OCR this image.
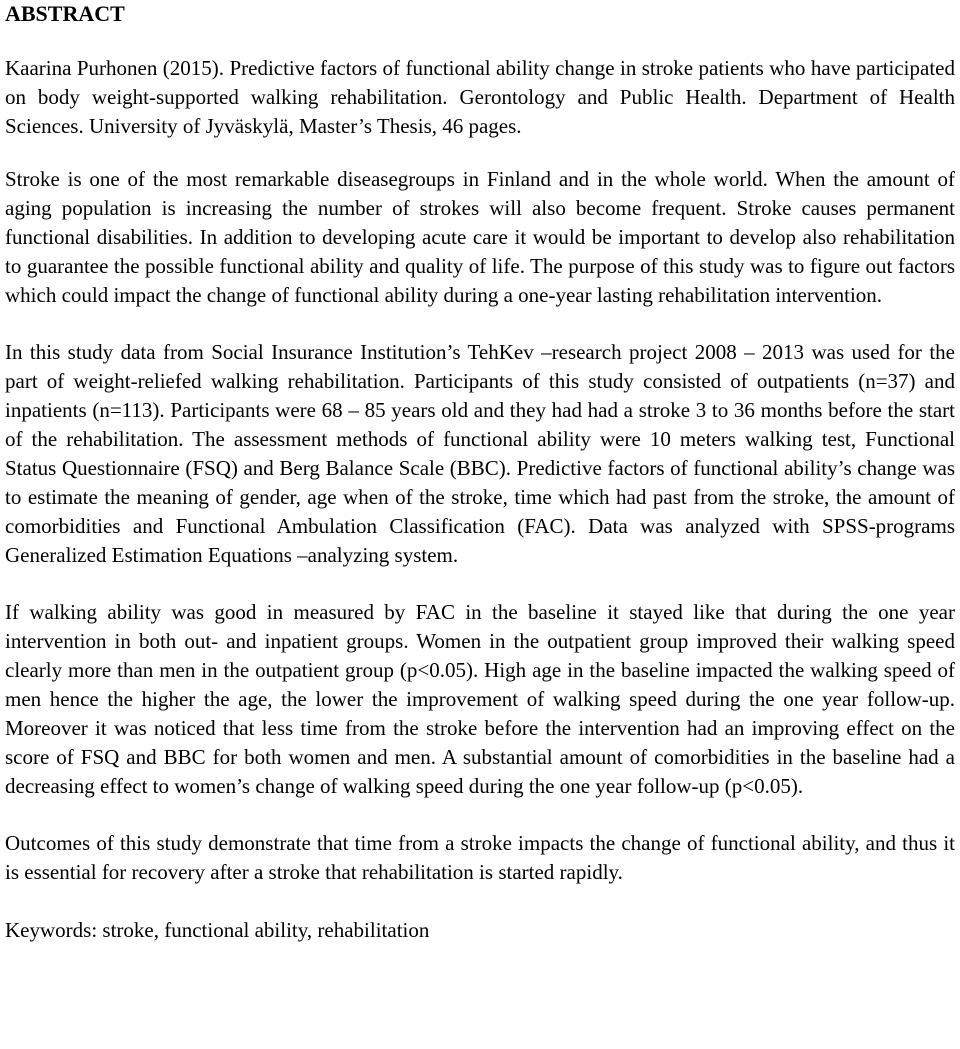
ABSTRACT

Kaarina Purhonen (2015). Predictive factors of functional ability change in stroke patients who have participated on body weight-supported walking rehabilitation. Gerontology and Public Health. Department of Health Sciences. University of Jyväskylä, Master’s Thesis, 46 pages.

Stroke is one of the most remarkable diseasegroups in Finland and in the whole world. When the amount of aging population is increasing the number of strokes will also become frequent. Stroke causes permanent functional disabilities. In addition to developing acute care it would be important to develop also rehabilitation to guarantee the possible functional ability and quality of life. The purpose of this study was to figure out factors which could impact the change of functional ability during a one-year lasting rehabilitation intervention.

In this study data from Social Insurance Institution’s TehKev –research project 2008 – 2013 was used for the part of weight-reliefed walking rehabilitation. Participants of this study consisted of outpatients (n=37) and inpatients (n=113). Participants were 68 – 85 years old and they had had a stroke 3 to 36 months before the start of the rehabilitation. The assessment methods of functional ability were 10 meters walking test, Functional Status Questionnaire (FSQ) and Berg Balance Scale (BBC). Predictive factors of functional ability’s change was to estimate the meaning of gender, age when of the stroke, time which had past from the stroke, the amount of comorbidities and Functional Ambulation Classification (FAC). Data was analyzed with SPSS-programs Generalized Estimation Equations –analyzing system.

If walking ability was good in measured by FAC in the baseline it stayed like that during the one year intervention in both out- and inpatient groups. Women in the outpatient group improved their walking speed clearly more than men in the outpatient group (p<0.05). High age in the baseline impacted the walking speed of men hence the higher the age, the lower the improvement of walking speed during the one year follow-up. Moreover it was noticed that less time from the stroke before the intervention had an improving effect on the score of FSQ and BBC for both women and men. A substantial amount of comorbidities in the baseline had a decreasing effect to women’s change of walking speed during the one year follow-up (p<0.05).

Outcomes of this study demonstrate that time from a stroke impacts the change of functional ability, and thus it is essential for recovery after a stroke that rehabilitation is started rapidly.

Keywords: stroke, functional ability, rehabilitation
